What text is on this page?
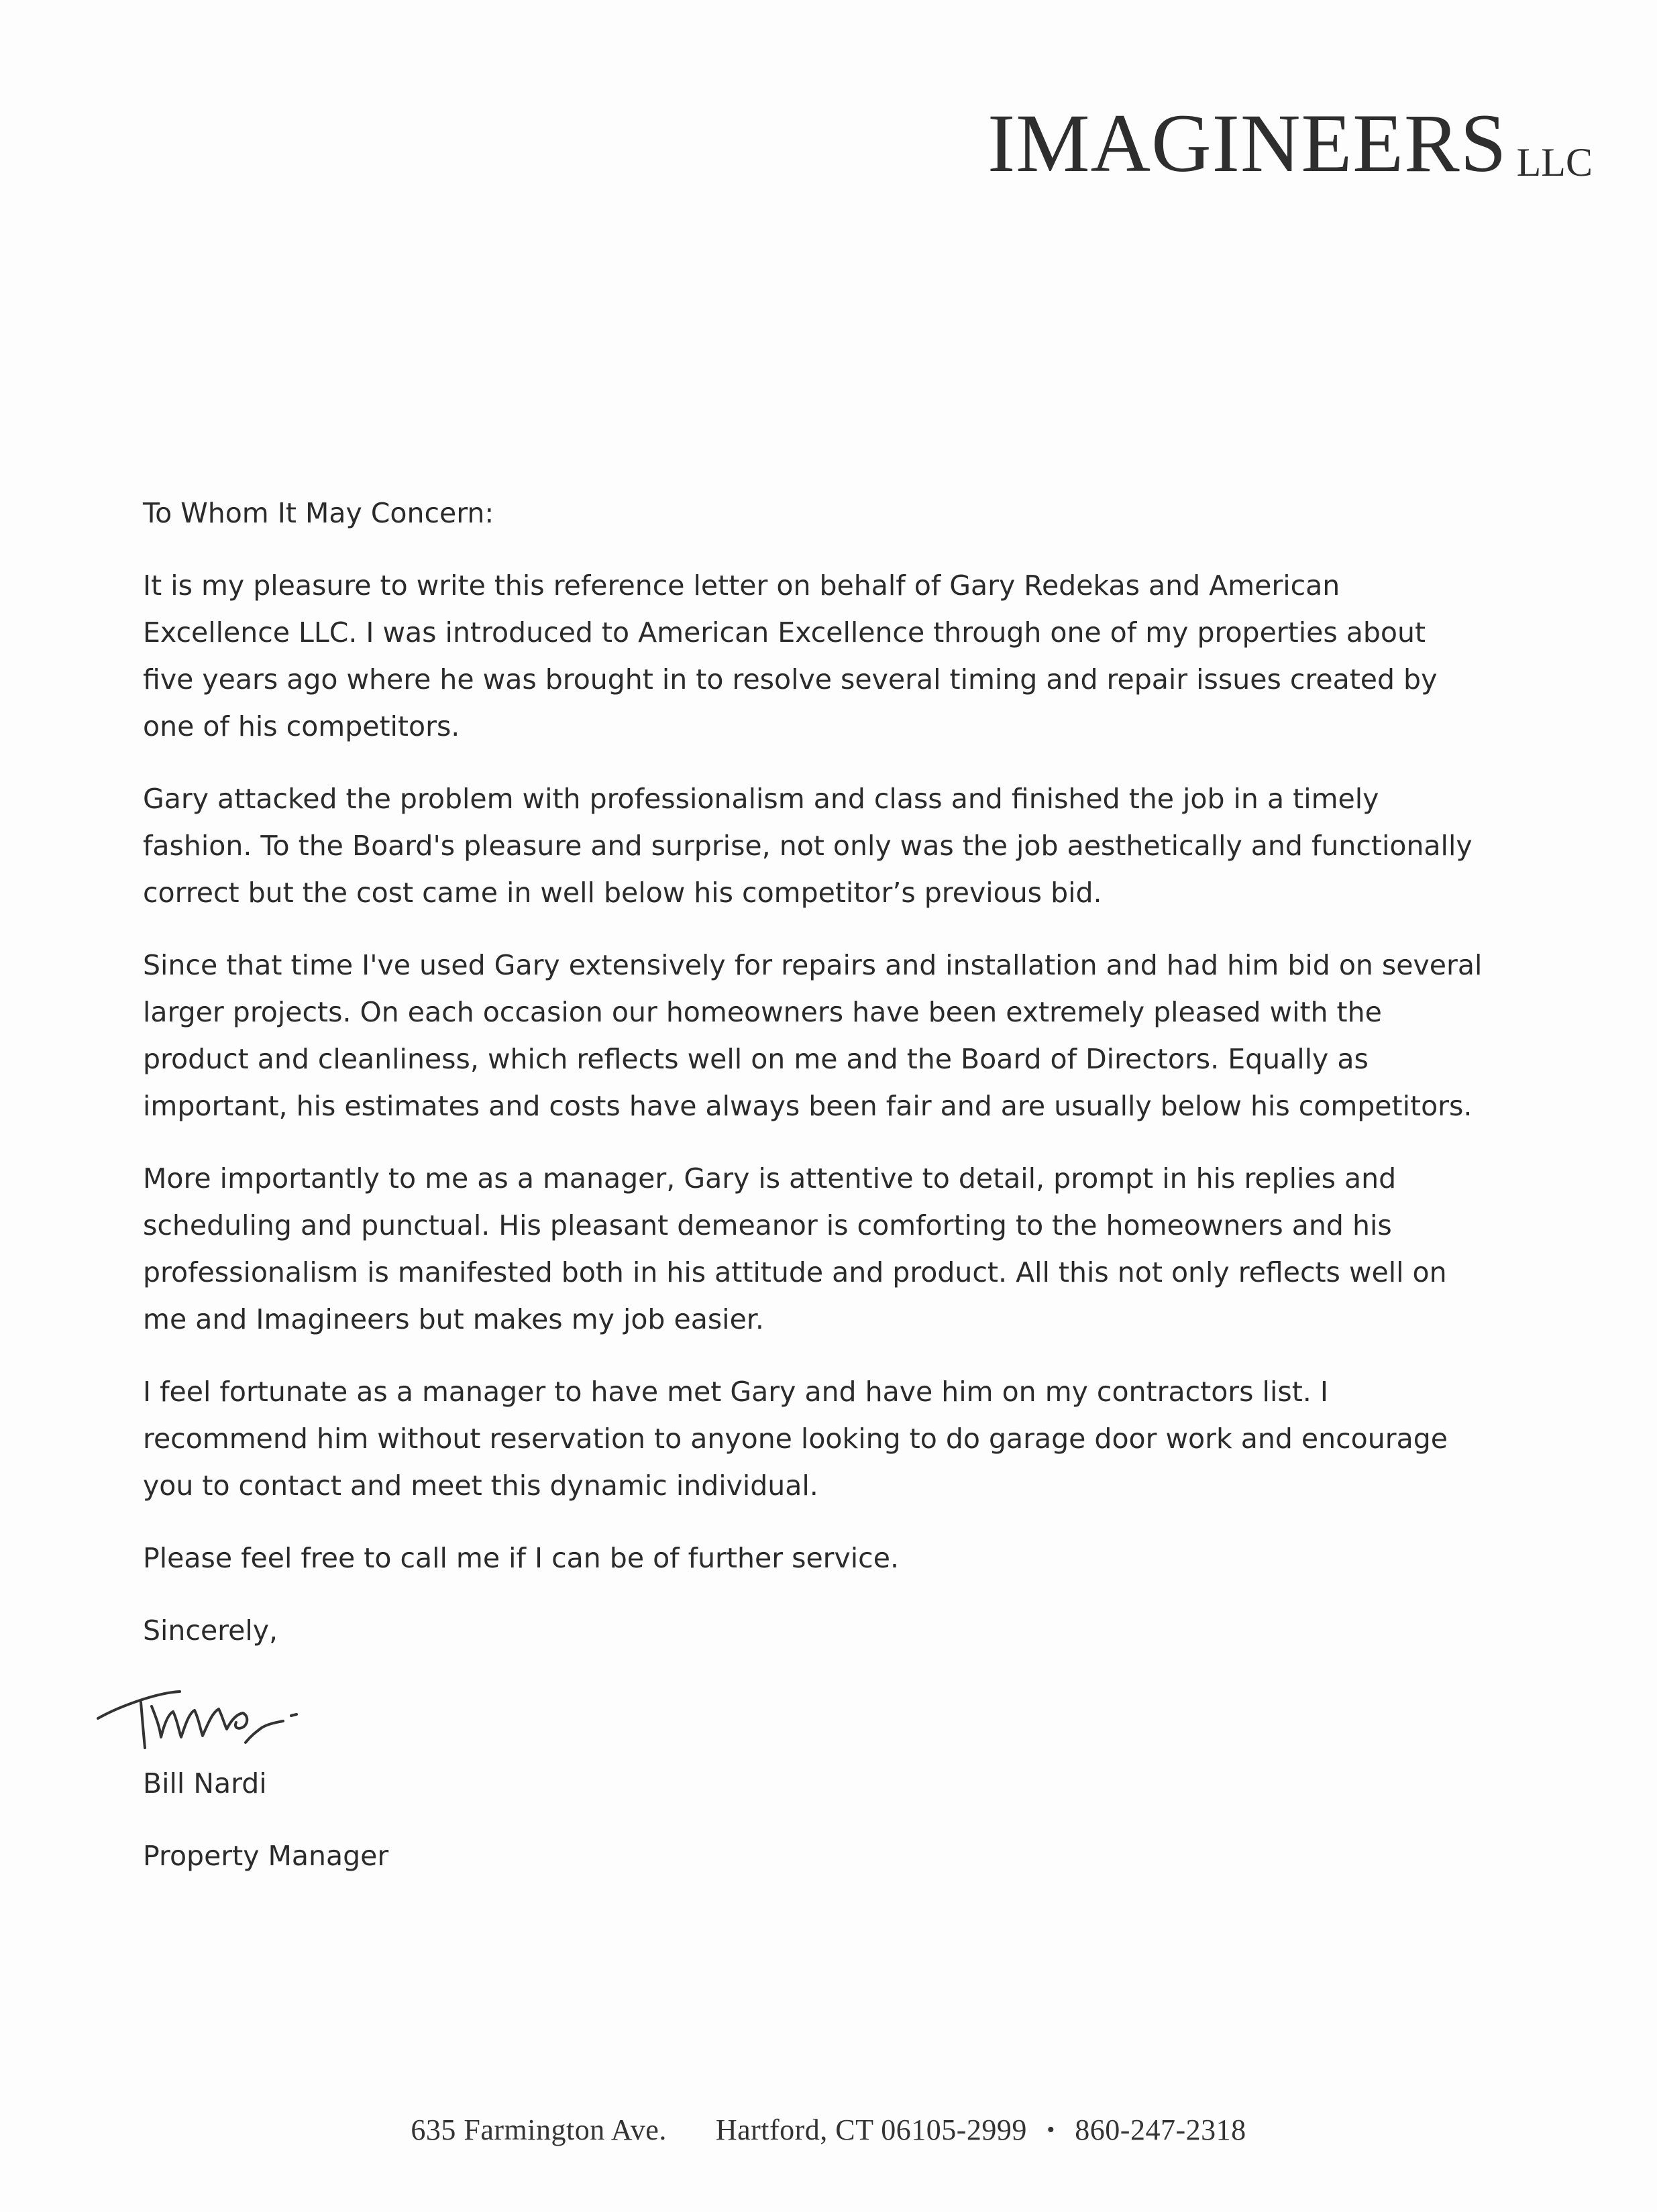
IMAGINEERS LLC

To Whom It May Concern:

It is my pleasure to write this reference letter on behalf of Gary Redekas and American Excellence LLC. I was introduced to American Excellence through one of my properties about five years ago where he was brought in to resolve several timing and repair issues created by one of his competitors.

Gary attacked the problem with professionalism and class and finished the job in a timely fashion. To the Board's pleasure and surprise, not only was the job aesthetically and functionally correct but the cost came in well below his competitor’s previous bid.

Since that time I've used Gary extensively for repairs and installation and had him bid on several larger projects. On each occasion our homeowners have been extremely pleased with the product and cleanliness, which reflects well on me and the Board of Directors. Equally as important, his estimates and costs have always been fair and are usually below his competitors.

More importantly to me as a manager, Gary is attentive to detail, prompt in his replies and scheduling and punctual. His pleasant demeanor is comforting to the homeowners and his professionalism is manifested both in his attitude and product. All this not only reflects well on me and Imagineers but makes my job easier.

I feel fortunate as a manager to have met Gary and have him on my contractors list. I recommend him without reservation to anyone looking to do garage door work and encourage you to contact and meet this dynamic individual.

Please feel free to call me if I can be of further service.

Sincerely,

Bill Nardi

Property Manager

635 Farmington Ave. Hartford, CT 06105-2999 • 860-247-2318
